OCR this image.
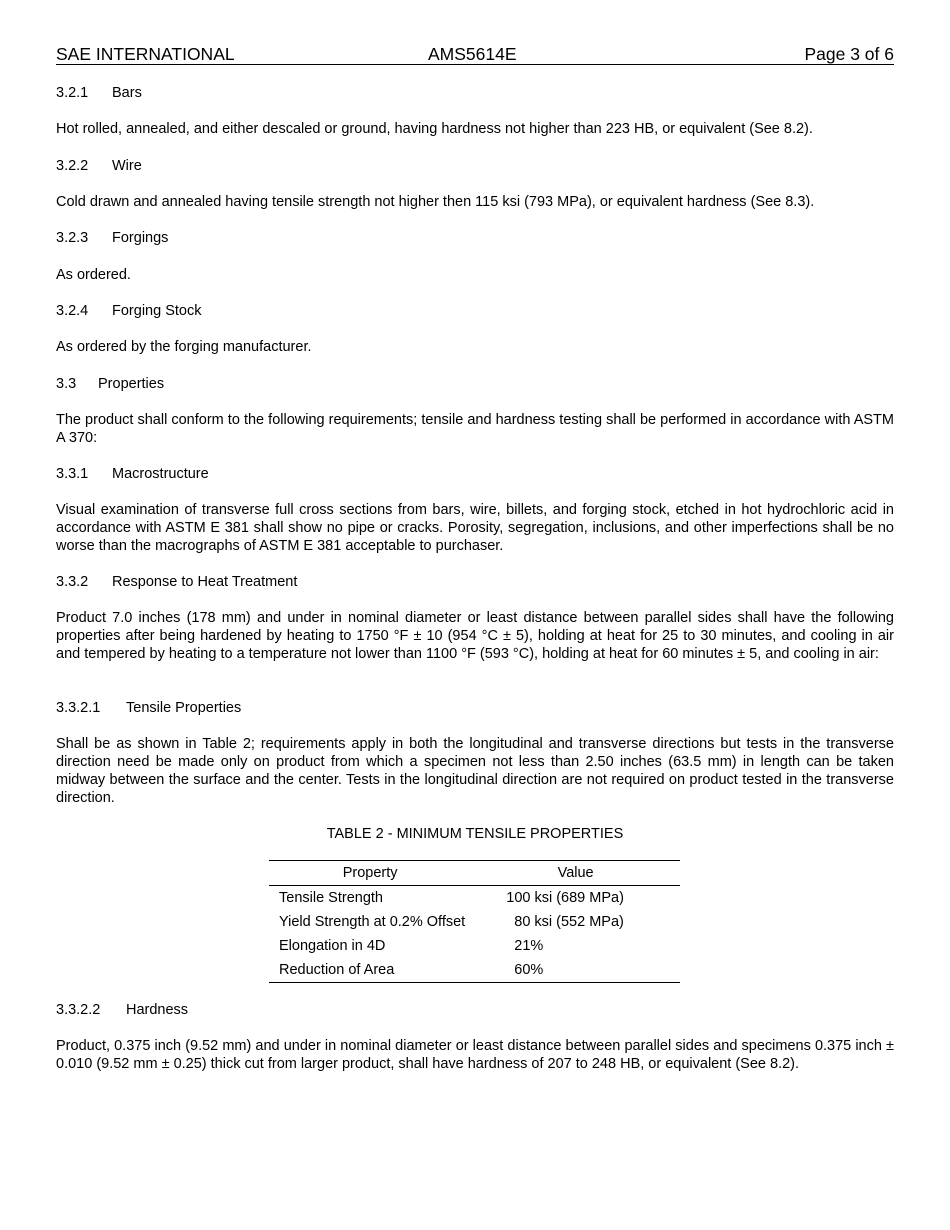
SAE INTERNATIONAL	AMS5614E	Page 3 of 6
3.2.1 Bars
Hot rolled, annealed, and either descaled or ground, having hardness not higher than 223 HB, or equivalent (See 8.2).
3.2.2 Wire
Cold drawn and annealed having tensile strength not higher then 115 ksi (793 MPa), or equivalent hardness (See 8.3).
3.2.3 Forgings
As ordered.
3.2.4 Forging Stock
As ordered by the forging manufacturer.
3.3 Properties
The product shall conform to the following requirements; tensile and hardness testing shall be performed in accordance with ASTM A 370:
3.3.1 Macrostructure
Visual examination of transverse full cross sections from bars, wire, billets, and forging stock, etched in hot hydrochloric acid in accordance with ASTM E 381 shall show no pipe or cracks. Porosity, segregation, inclusions, and other imperfections shall be no worse than the macrographs of ASTM E 381 acceptable to purchaser.
3.3.2 Response to Heat Treatment
Product 7.0 inches (178 mm) and under in nominal diameter or least distance between parallel sides shall have the following properties after being hardened by heating to 1750 °F ± 10 (954 °C ± 5), holding at heat for 25 to 30 minutes, and cooling in air and tempered by heating to a temperature not lower than 1100 °F (593 °C), holding at heat for 60 minutes ± 5, and cooling in air:
3.3.2.1 Tensile Properties
Shall be as shown in Table 2; requirements apply in both the longitudinal and transverse directions but tests in the transverse direction need be made only on product from which a specimen not less than 2.50 inches (63.5 mm) in length can be taken midway between the surface and the center. Tests in the longitudinal direction are not required on product tested in the transverse direction.
TABLE 2 - MINIMUM TENSILE PROPERTIES
Property	Value
Tensile Strength	100 ksi (689 MPa)
Yield Strength at 0.2% Offset	80 ksi (552 MPa)
Elongation in 4D	21%
Reduction of Area	60%
3.3.2.2 Hardness
Product, 0.375 inch (9.52 mm) and under in nominal diameter or least distance between parallel sides and specimens 0.375 inch ± 0.010 (9.52 mm ± 0.25) thick cut from larger product, shall have hardness of 207 to 248 HB, or equivalent (See 8.2).
